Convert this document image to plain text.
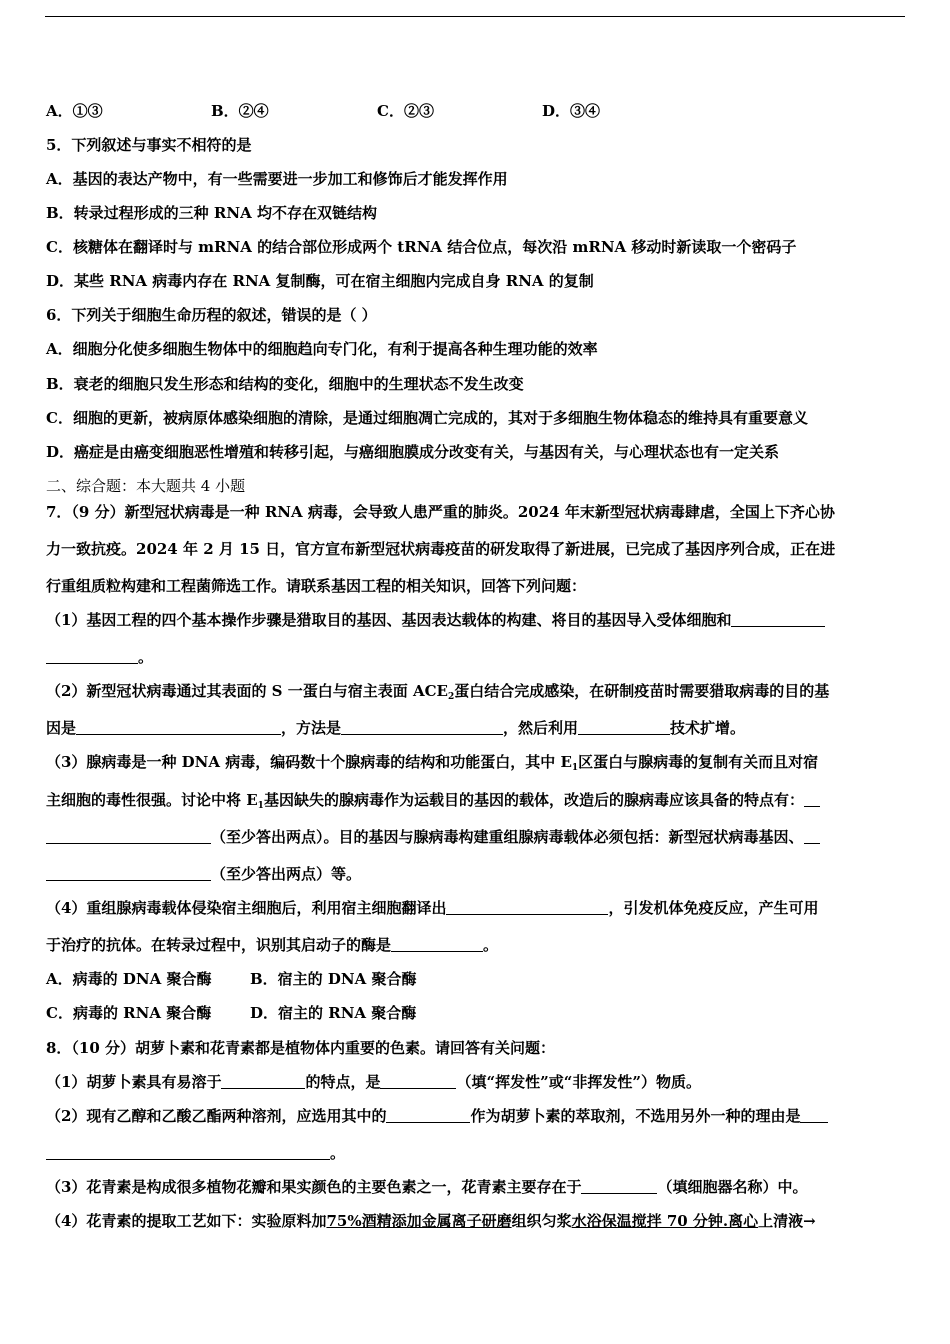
A．①③	B．②④	C．②③	D．③④
5．下列叙述与事实不相符的是
A．基因的表达产物中，有一些需要进一步加工和修饰后才能发挥作用
B．转录过程形成的三种 RNA 均不存在双链结构
C．核糖体在翻译时与 mRNA 的结合部位形成两个 tRNA 结合位点，每次沿 mRNA 移动时新读取一个密码子
D．某些 RNA 病毒内存在 RNA 复制酶，可在宿主细胞内完成自身 RNA 的复制
6．下列关于细胞生命历程的叙述，错误的是（ ）
A．细胞分化使多细胞生物体中的细胞趋向专门化，有利于提高各种生理功能的效率
B．衰老的细胞只发生形态和结构的变化，细胞中的生理状态不发生改变
C．细胞的更新，被病原体感染细胞的清除，是通过细胞凋亡完成的，其对于多细胞生物体稳态的维持具有重要意义
D．癌症是由癌变细胞恶性增殖和转移引起，与癌细胞膜成分改变有关，与基因有关，与心理状态也有一定关系
二、综合题：本大题共 4 小题
7．（9 分）新型冠状病毒是一种 RNA 病毒，会导致人患严重的肺炎。2024 年末新型冠状病毒肆虐，全国上下齐心协
力一致抗疫。2024 年 2 月 15 日，官方宣布新型冠状病毒疫苗的研发取得了新进展，已完成了基因序列合成，正在进
行重组质粒构建和工程菌筛选工作。请联系基因工程的相关知识，回答下列问题：
（1）基因工程的四个基本操作步骤是猎取目的基因、基因表达载体的构建、将目的基因导入受体细胞和
。
（2）新型冠状病毒通过其表面的 S 一蛋白与宿主表面 $ACE_2$蛋白结合完成感染，在研制疫苗时需要猎取病毒的目的基
因是	，方法是	，然后利用	技术扩增。
（3）腺病毒是一种 DNA 病毒，编码数十个腺病毒的结构和功能蛋白，其中 $E_1$区蛋白与腺病毒的复制有关而且对宿
主细胞的毒性很强。讨论中将 $E_1$基因缺失的腺病毒作为运载目的基因的载体，改造后的腺病毒应该具备的特点有：
（至少答出两点）。目的基因与腺病毒构建重组腺病毒载体必须包括：新型冠状病毒基因、
（至少答出两点）等。
（4）重组腺病毒载体侵染宿主细胞后，利用宿主细胞翻译出	，引发机体免疫反应，产生可用
于治疗的抗体。在转录过程中，识别其启动子的酶是	。
A．病毒的 DNA 聚合酶	B．宿主的 DNA 聚合酶
C．病毒的 RNA 聚合酶	D．宿主的 RNA 聚合酶
8．（10 分）胡萝卜素和花青素都是植物体内重要的色素。请回答有关问题：
（1）胡萝卜素具有易溶于	的特点，是	（填“挥发性”或“非挥发性”）物质。
（2）现有乙醇和乙酸乙酯两种溶剂，应选用其中的	作为胡萝卜素的萃取剂，不选用另外一种的理由是
。
（3）花青素是构成很多植物花瓣和果实颜色的主要色素之一，花青素主要存在于	（填细胞器名称）中。
（4）花青素的提取工艺如下：实验原料加75%酒精添加金属离子研磨组织匀浆水浴保温搅拌 70 分钟.离心上清液→
